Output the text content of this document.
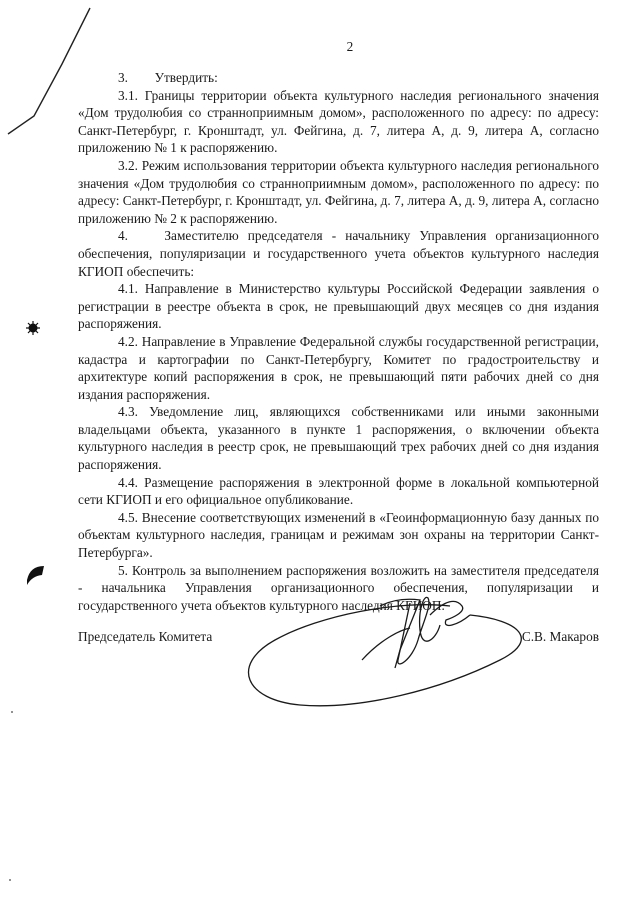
2

3.        Утвердить:

3.1. Границы территории объекта культурного наследия регионального значения «Дом трудолюбия со странноприимным домом», расположенного по адресу: по адресу: Санкт-Петербург, г. Кронштадт, ул. Фейгина, д. 7, литера А, д. 9, литера А, согласно приложению № 1 к распоряжению.

3.2. Режим использования территории объекта культурного наследия регионального значения «Дом трудолюбия со странноприимным домом», расположенного по адресу: по адресу: Санкт-Петербург, г. Кронштадт, ул. Фейгина, д. 7, литера А, д. 9, литера А, согласно приложению № 2 к распоряжению.

4.    Заместителю председателя - начальнику Управления организационного обеспечения, популяризации и государственного учета объектов культурного наследия КГИОП обеспечить:

4.1. Направление в Министерство культуры Российской Федерации заявления о регистрации в реестре объекта в срок, не превышающий двух месяцев со дня издания распоряжения.

4.2. Направление в Управление Федеральной службы государственной регистрации, кадастра и картографии по Санкт-Петербургу, Комитет по градостроительству и архитектуре копий распоряжения в срок, не превышающий пяти рабочих дней со дня издания распоряжения.

4.3. Уведомление лиц, являющихся собственниками или иными законными владельцами объекта, указанного в пункте 1 распоряжения, о включении объекта культурного наследия в реестр срок, не превышающий трех рабочих дней со дня издания распоряжения.

4.4. Размещение распоряжения в электронной форме в локальной компьютерной сети КГИОП и его официальное опубликование.

4.5. Внесение соответствующих изменений в «Геоинформационную базу данных по объектам культурного наследия, границам и режимам зон охраны на территории Санкт-Петербурга».

5. Контроль за выполнением распоряжения возложить на заместителя председателя - начальника Управления организационного обеспечения, популяризации и государственного учета объектов культурного наследия КГИОП.

Председатель Комитета	С.В. Макаров
